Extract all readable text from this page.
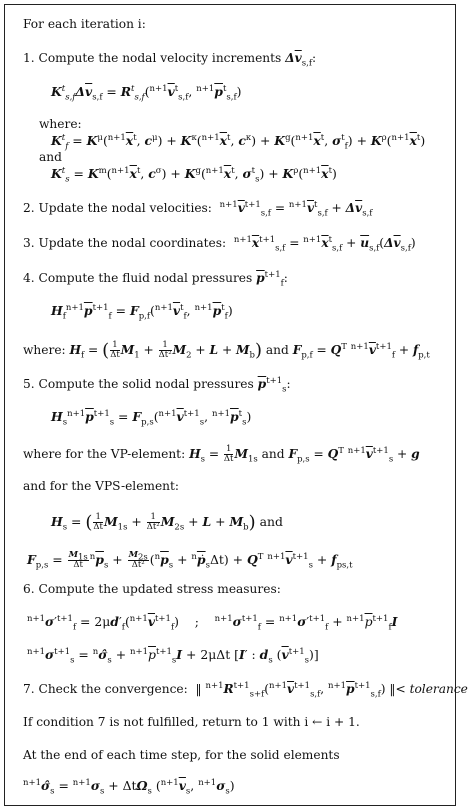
For each iteration i:
1. Compute the nodal velocity increments $\Delta\overline{v}_{s,f}$:
$K^t_{s,f}\Delta\overline{v}_{s,f} = R^t_{s,f}(^{n+1}\overline{v}^t_{s,f}$, $^{n+1}\overline{p}^t_{s,f}$)
where:
$K^t_f = K^\mu(^{n+1}\overline{x}^t$, $c^\mu) + K^\kappa(^{n+1}\overline{x}^t$, $c^\kappa) + K^g(^{n+1}\overline{x}^t$, $\sigma^t_f) + K^\rho(^{n+1}\overline{x}^t)$
and
$K^t_s = K^m(^{n+1}\overline{x}^t$, $c^\sigma) + K^g(^{n+1}\overline{x}^t$, $\sigma^t_s) + K^\rho(^{n+1}\overline{x}^t)$
2. Update the nodal velocities: $^{n+1}\overline{v}^{t+1}_{s,f} = ^{n+1}\overline{v}^t_{s,f} + \Delta\overline{v}_{s,f}$
3. Update the nodal coordinates: $^{n+1}\overline{x}^{t+1}_{s,f} = ^{n+1}\overline{x}^t_{s,f} + \overline{u}_{s,f}(\Delta\overline{v}_{s,f})$
4. Compute the fluid nodal pressures $\overline{p}^{t+1}_f$:
$H_f^{n+1}\overline{p}^{t+1}_f = F_{p,f}(^{n+1}\overline{v}^t_f$, $^{n+1}\overline{p}^t_f$)
where: $H_f$ = ( $\frac{1}{\Delta t} M_1 + \frac{1}{\text{Δt²}} M_2 + L + M_b$) and $F_{p,f} = Q^T$ $^{n+1}\overline{v}^{t+1}_f + f_{p,t}$
5. Compute the solid nodal pressures $\overline{p}^{t+1}_s$:
$H_s^{n+1}\overline{p}^{t+1}_s = F_{p,s}(^{n+1}\overline{v}^{t+1}_s$, $^{n+1}\overline{p}^t_s$)
where for the VP-element: $H_s = \frac{1}{\Delta t} M_{1s}$ and $F_{p,s} = Q^T$ $^{n+1}\overline{v}^{t+1}_s + g$
and for the VPS-element:
$H_s$ = ( $\frac{1}{\Delta t} M_{1s} + \frac{1}{\text{Δt²}} M_{2s} + L + M_b$) and
$F_{p,s} = \frac{M_{1s}}{\Delta t} ^n\overline{p}_s + \frac{M_{2s}}{\text{Δt²}} (^n\overline{p}_s + ^n\overline{p}_s\Delta t) + Q^T$ $^{n+1}\overline{v}^{t+1}_s + f_{ps,t}$
6. Compute the updated stress measures:
$^{n+1}\sigma'^{t+1}_f = 2\mu d'_f(^{n+1}\overline{v}^{t+1}_f)$    ;    $^{n+1}\sigma^{t+1}_f = ^{n+1}\sigma'^{t+1}_f + ^{n+1}\overline{p}^{t+1}_fI$
$^{n+1}\sigma^{t+1}_s$ = $^n\sigmâ_s + ^{n+1}\overline{p}^{t+1}_sI + 2\mu\Delta t$ [I′ : $d_s$ $(\overline{v}^{t+1}_s)$]
7. Check the convergence:  ‖ $^{n+1}R^{t+1}_{s+f}(^{n+1}\overline{v}^{t+1}_{s,f}$, $^{n+1}\overline{p}^{t+1}_{s,f}$) ‖< tolerance
If condition 7 is not fulfilled, return to 1 with i ← i + 1.
At the end of each time step, for the solid elements
$^{n+1}\sigmâ_s = ^{n+1}\sigma_s + \Delta t\Omega_s$ ($^{n+1}\overline{v}_s$, $^{n+1}\sigma_s$)
